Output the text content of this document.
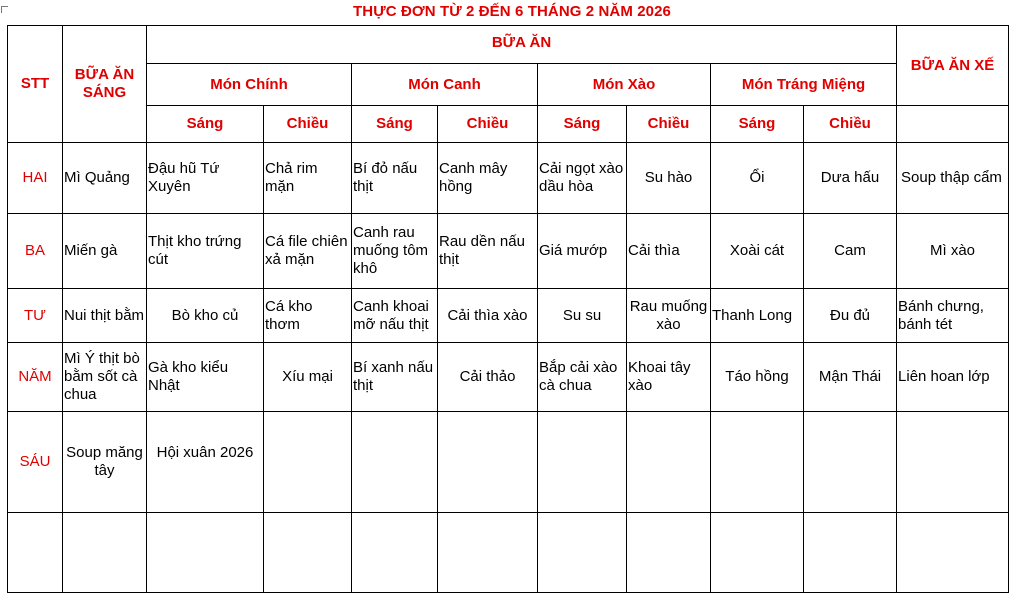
THỰC ĐƠN TỪ 2 ĐẾN 6 THÁNG 2 NĂM 2026
STT	BỮA ĂN SÁNG	BỮA ĂN								BỮA ĂN XẾ
		Món Chính		Món Canh		Món Xào		Món Tráng Miệng		
		Sáng	Chiều	Sáng	Chiều	Sáng	Chiều	Sáng	Chiều	
HAI	Mì Quảng	Đậu hũ Tứ Xuyên	Chả rim mặn	Bí đỏ nấu thịt	Canh mây hồng	Cải ngọt xào dầu hòa	Su hào	Ổi	Dưa hấu	Soup thập cẩm
BA	Miến gà	Thịt kho trứng cút	Cá file chiên xả mặn	Canh rau muống tôm khô	Rau dền nấu thịt	Giá mướp	Cải thìa	Xoài cát	Cam	Mì xào
TƯ	Nui thịt bằm	Bò kho củ	Cá kho thơm	Canh khoai mỡ nấu thịt	Cải thìa xào	Su su	Rau muống xào	Thanh Long	Đu đủ	Bánh chưng, bánh tét
NĂM	Mì Ý thịt bò bằm sốt cà chua	Gà kho kiểu Nhật	Xíu mại	Bí xanh nấu thịt	Cải thảo	Bắp cải xào cà chua	Khoai tây xào	Táo hồng	Mận Thái	Liên hoan lớp
SÁU	Soup măng tây	Hội xuân 2026								
